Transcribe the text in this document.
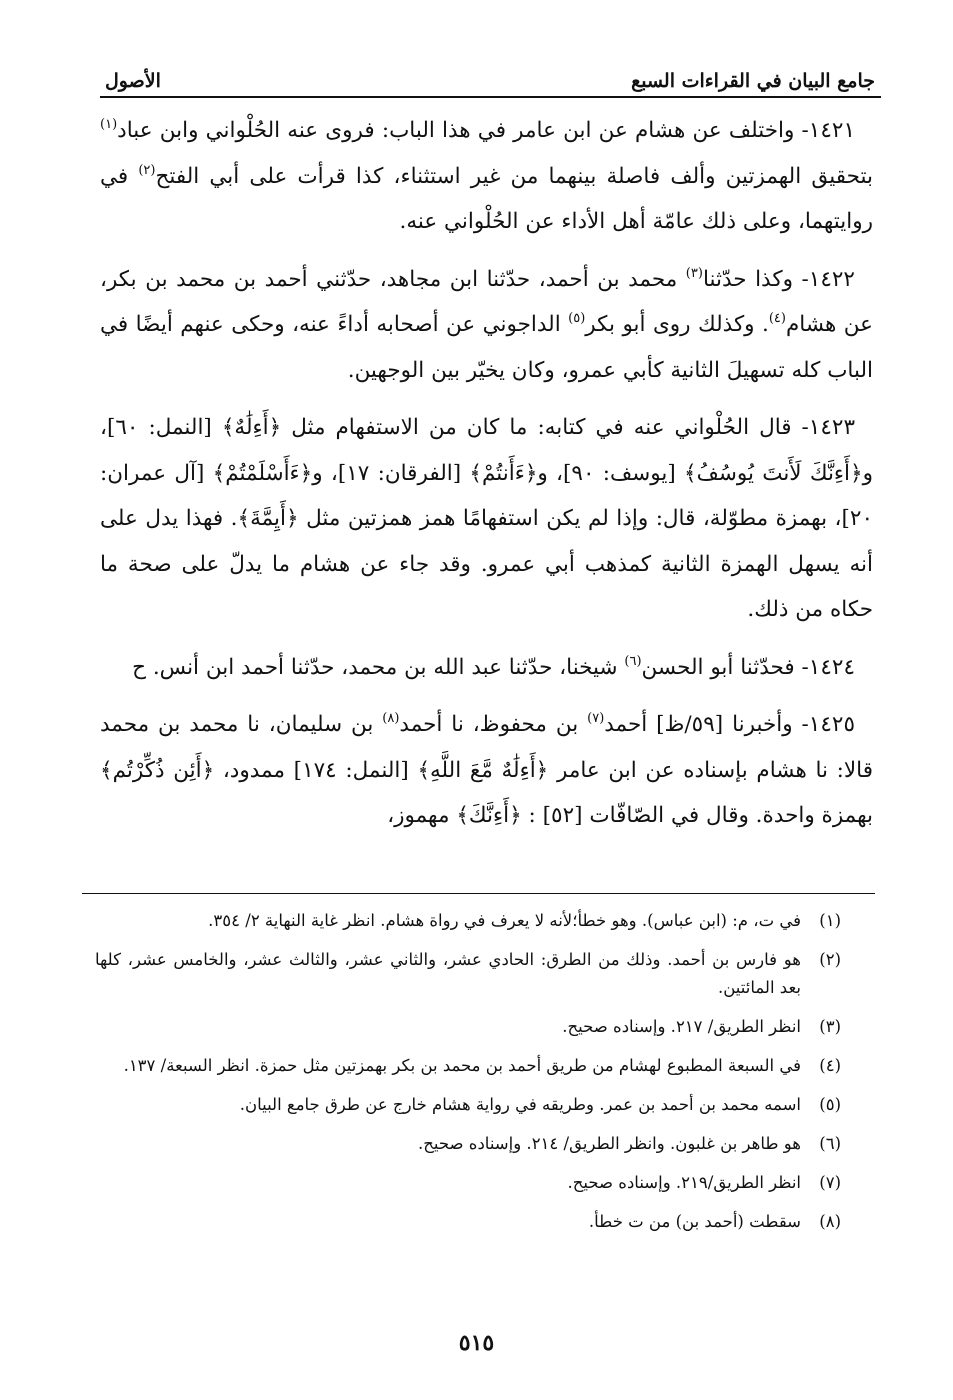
جامع البيان في القراءات السبع
الأصول

١٤٢١- واختلف عن هشام عن ابن عامر في هذا الباب: فروى عنه الحُلْواني وابن عباد$^{(١)}$ بتحقيق الهمزتين وألف فاصلة بينهما من غير استثناء، كذا قرأت على أبي الفتح$^{(٢)}$ في روايتهما، وعلى ذلك عامّة أهل الأداء عن الحُلْواني عنه.

١٤٢٢- وكذا حدّثنا$^{(٣)}$ محمد بن أحمد، حدّثنا ابن مجاهد، حدّثني أحمد بن محمد بن بكر، عن هشام$^{(٤)}$. وكذلك روى أبو بكر$^{(٥)}$ الداجوني عن أصحابه أداءً عنه، وحكى عنهم أيضًا في الباب كله تسهيلَ الثانية كأبي عمرو، وكان يخيّر بين الوجهين.

١٤٢٣- قال الحُلْواني عنه في كتابه: ما كان من الاستفهام مثل ﴿أَءِلَٰهٌ﴾ [النمل: ٦٠]، و﴿أَءِنَّكَ لَأَنتَ يُوسُفُ﴾ [يوسف: ٩٠]، و﴿ءَأَنتُمْ﴾ [الفرقان: ١٧]، و﴿ءَأَسْلَمْتُمْ﴾ [آل عمران: ٢٠]، بهمزة مطوّلة، قال: وإذا لم يكن استفهامًا همز همزتين مثل ﴿أَيِمَّةَ﴾. فهذا يدل على أنه يسهل الهمزة الثانية كمذهب أبي عمرو. وقد جاء عن هشام ما يدلّ على صحة ما حكاه من ذلك.

١٤٢٤- فحدّثنا أبو الحسن$^{(٦)}$ شيخنا، حدّثنا عبد الله بن محمد، حدّثنا أحمد ابن أنس. ح

١٤٢٥- وأخبرنا [٥٩/ظ] أحمد$^{(٧)}$ بن محفوظ، نا أحمد$^{(٨)}$ بن سليمان، نا محمد بن محمد قالا: نا هشام بإسناده عن ابن عامر ﴿أَءِلَٰهٌ مَّعَ اللَّهِ﴾ [النمل: ١٧٤] ممدود، ﴿أَئِن ذُكِّرْتُم﴾ بهمزة واحدة. وقال في الصّافّات [٥٢] : ﴿أَءِنَّكَ﴾ مهموز،

(١)في ت، م: (ابن عباس). وهو خطأ؛لأنه لا يعرف في رواة هشام. انظر غاية النهاية ٢/ ٣٥٤.

(٢)هو فارس بن أحمد. وذلك من الطرق: الحادي عشر، والثاني عشر، والثالث عشر، والخامس عشر، كلها بعد المائتين.

(٣)انظر الطريق/ ٢١٧. وإسناده صحيح.

(٤)في السبعة المطبوع لهشام من طريق أحمد بن محمد بن بكر بهمزتين مثل حمزة. انظر السبعة/ ١٣٧.

(٥)اسمه محمد بن أحمد بن عمر. وطريقه في رواية هشام خارج عن طرق جامع البيان.

(٦)هو طاهر بن غلبون. وانظر الطريق/ ٢١٤. وإسناده صحيح.

(٧)انظر الطريق/٢١٩. وإسناده صحيح.

(٨)سقطت (أحمد بن) من ت خطأ.

٥١٥
